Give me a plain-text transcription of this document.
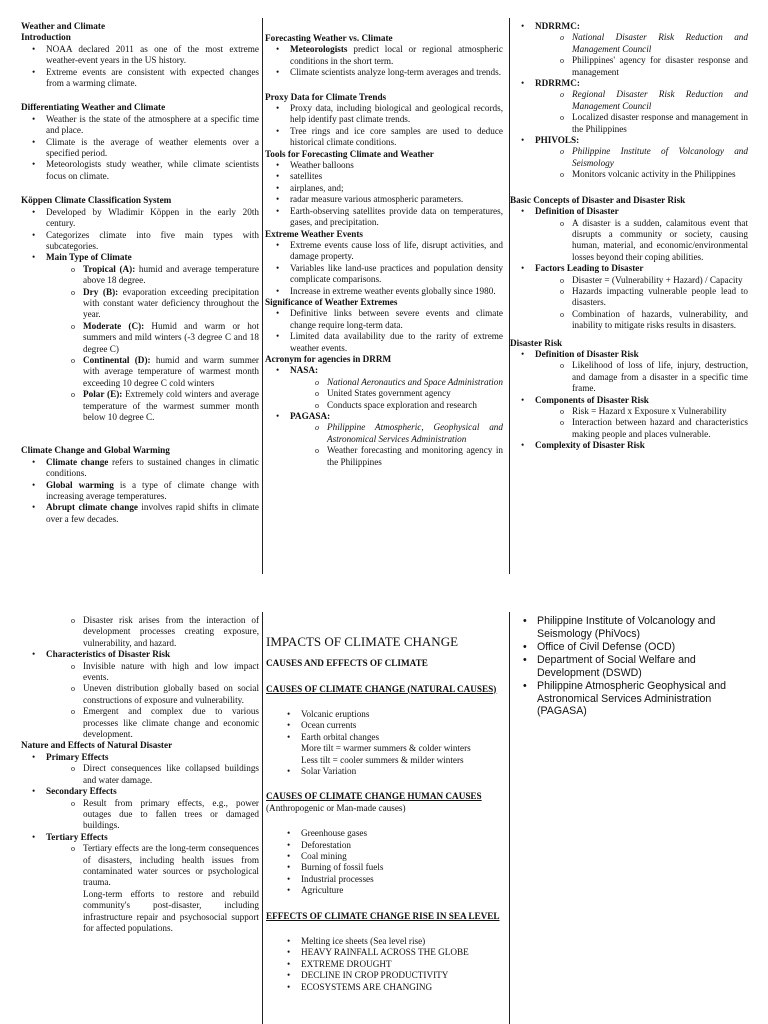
Weather and Climate
Introduction
• NOAA declared 2011 as one of the most extreme weather-event years in the US history.
• Extreme events are consistent with expected changes from a warming climate.
Differentiating Weather and Climate
• Weather is the state of the atmosphere at a specific time and place.
• Climate is the average of weather elements over a specified period.
• Meteorologists study weather, while climate scientists focus on climate.
Köppen Climate Classification System
• Developed by Wladimir Köppen in the early 20th century.
• Categorizes climate into five main types with subcategories.
• Main Type of Climate
o Tropical (A): humid and average temperature above 18 degree.
o Dry (B): evaporation exceeding precipitation with constant water deficiency throughout the year.
o Moderate (C): Humid and warm or hot summers and mild winters (-3 degree C and 18 degree C)
o Continental (D): humid and warm summer with average temperature of warmest month exceeding 10 degree C cold winters
o Polar (E): Extremely cold winters and average temperature of the warmest summer month below 10 degree C.
Climate Change and Global Warming
• Climate change refers to sustained changes in climatic conditions.
• Global warming is a type of climate change with increasing average temperatures.
• Abrupt climate change involves rapid shifts in climate over a few decades.
Forecasting Weather vs. Climate
• Meteorologists predict local or regional atmospheric conditions in the short term.
• Climate scientists analyze long-term averages and trends.
Proxy Data for Climate Trends
• Proxy data, including biological and geological records, help identify past climate trends.
• Tree rings and ice core samples are used to deduce historical climate conditions.
Tools for Forecasting Climate and Weather
• Weather balloons
• satellites
• airplanes, and;
• radar measure various atmospheric parameters.
• Earth-observing satellites provide data on temperatures, gases, and precipitation.
Extreme Weather Events
• Extreme events cause loss of life, disrupt activities, and damage property.
• Variables like land-use practices and population density complicate comparisons.
• Increase in extreme weather events globally since 1980.
Significance of Weather Extremes
• Definitive links between severe events and climate change require long-term data.
• Limited data availability due to the rarity of extreme weather events.
Acronym for agencies in DRRM
• NASA:
o National Aeronautics and Space Administration
o United States government agency
o Conducts space exploration and research
• PAGASA:
o Philippine Atmospheric, Geophysical and Astronomical Services Administration
o Weather forecasting and monitoring agency in the Philippines
• NDRRMC:
o National Disaster Risk Reduction and Management Council
o Philippines' agency for disaster response and management
• RDRRMC:
o Regional Disaster Risk Reduction and Management Council
o Localized disaster response and management in the Philippines
• PHIVOLS:
o Philippine Institute of Volcanology and Seismology
o Monitors volcanic activity in the Philippines
Basic Concepts of Disaster and Disaster Risk
• Definition of Disaster
o A disaster is a sudden, calamitous event that disrupts a community or society, causing human, material, and economic/environmental losses beyond their coping abilities.
• Factors Leading to Disaster
o Disaster = (Vulnerability + Hazard) / Capacity
o Hazards impacting vulnerable people lead to disasters.
o Combination of hazards, vulnerability, and inability to mitigate risks results in disasters.
Disaster Risk
• Definition of Disaster Risk
o Likelihood of loss of life, injury, destruction, and damage from a disaster in a specific time frame.
• Components of Disaster Risk
o Risk = Hazard x Exposure x Vulnerability
o Interaction between hazard and characteristics making people and places vulnerable.
• Complexity of Disaster Risk
o Disaster risk arises from the interaction of development processes creating exposure, vulnerability, and hazard.
• Characteristics of Disaster Risk
o Invisible nature with high and low impact events.
o Uneven distribution globally based on social constructions of exposure and vulnerability.
o Emergent and complex due to various processes like climate change and economic development.
Nature and Effects of Natural Disaster
• Primary Effects
o Direct consequences like collapsed buildings and water damage.
• Secondary Effects
o Result from primary effects, e.g., power outages due to fallen trees or damaged buildings.
• Tertiary Effects
o Tertiary effects are the long-term consequences of disasters, including health issues from contaminated water sources or psychological trauma.
Long-term efforts to restore and rebuild community's post-disaster, including infrastructure repair and psychosocial support for affected populations.
IMPACTS OF CLIMATE CHANGE
CAUSES AND EFFECTS OF CLIMATE
CAUSES OF CLIMATE CHANGE (NATURAL CAUSES)
• Volcanic eruptions
• Ocean currents
• Earth orbital changes
More tilt = warmer summers & colder winters
Less tilt = cooler summers & milder winters
• Solar Variation
CAUSES OF CLIMATE CHANGE HUMAN CAUSES (Anthropogenic or Man-made causes)
• Greenhouse gases
• Deforestation
• Coal mining
• Burning of fossil fuels
• Industrial processes
• Agriculture
EFFECTS OF CLIMATE CHANGE RISE IN SEA LEVEL
• Melting ice sheets (Sea level rise)
• HEAVY RAINFALL ACROSS THE GLOBE
• EXTREME DROUGHT
• DECLINE IN CROP PRODUCTIVITY
• ECOSYSTEMS ARE CHANGING
• Philippine Institute of Volcanology and Seismology (PhiVocs)
• Office of Civil Defense (OCD)
• Department of Social Welfare and Development (DSWD)
• Philippine Atmospheric Geophysical and Astronomical Services Administration (PAGASA)
